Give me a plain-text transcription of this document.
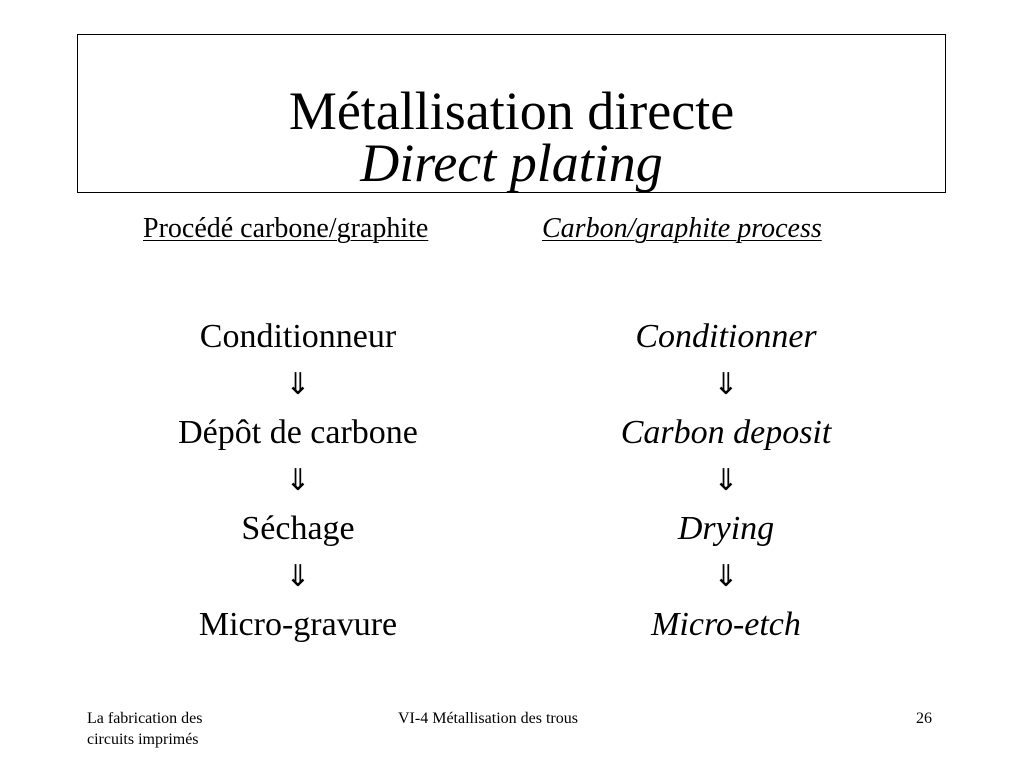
Métallisation directe
Direct plating
Procédé carbone/graphite	Carbon/graphite process
Conditionneur
⇓
Dépôt de carbone
⇓
Séchage
⇓
Micro-gravure
Conditionner
⇓
Carbon deposit
⇓
Drying
⇓
Micro-etch
La fabrication des
circuits imprimés
VI-4 Métallisation des trous	26
